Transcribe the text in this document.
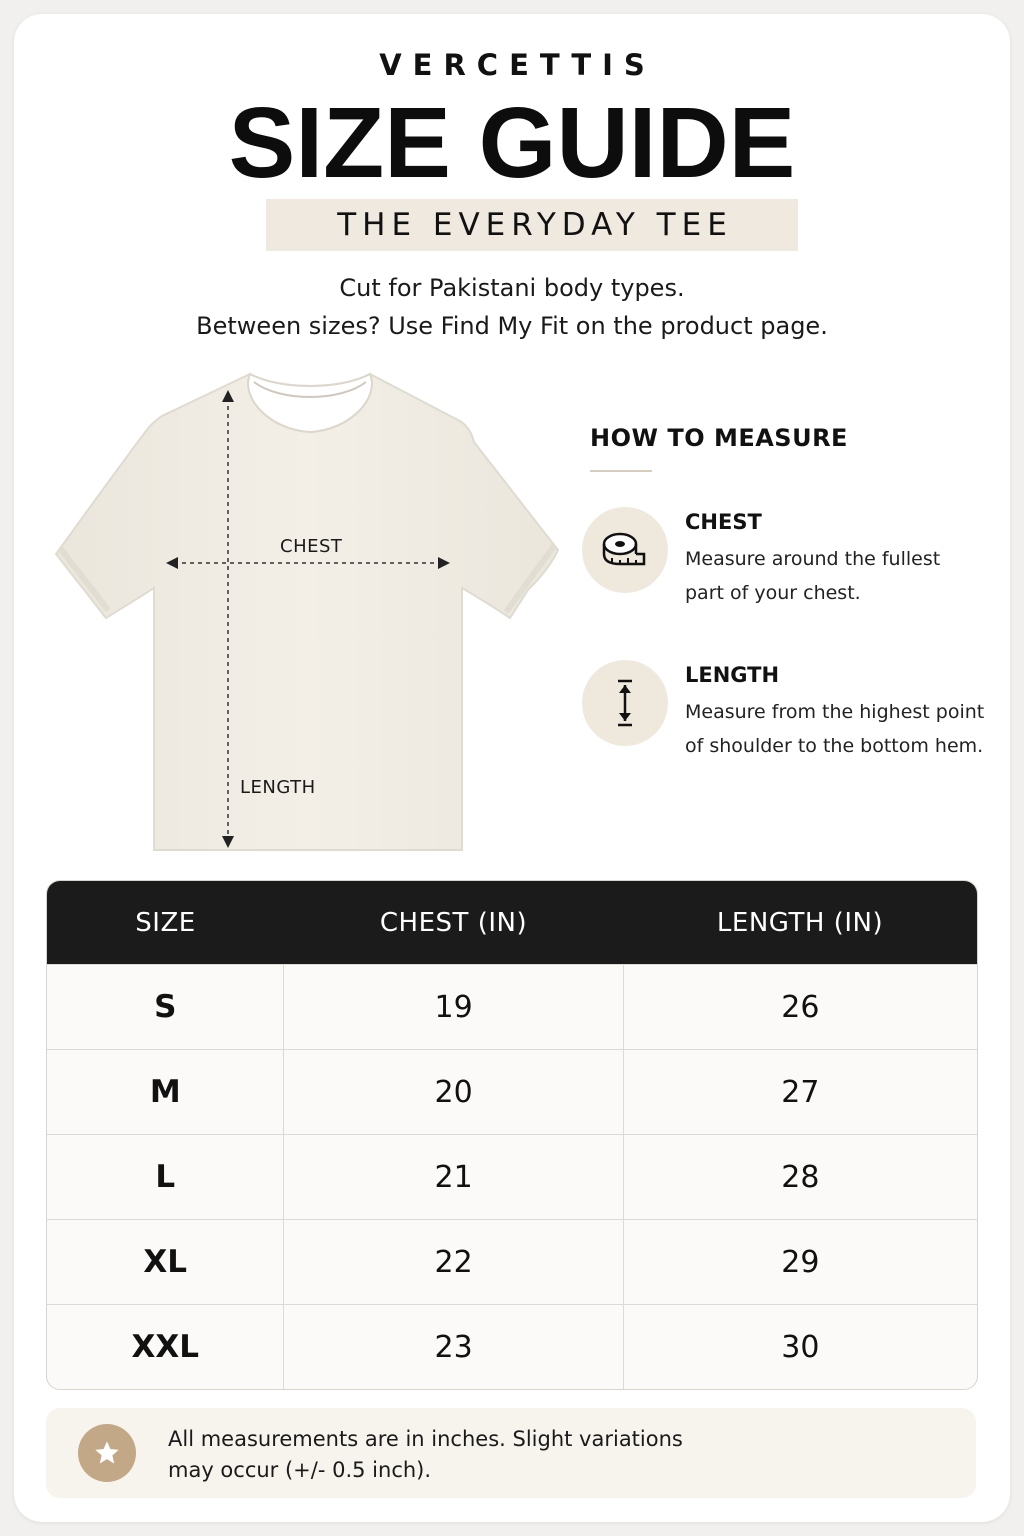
VERCETTIS
SIZE GUIDE
THE EVERYDAY TEE
Cut for Pakistani body types.
Between sizes? Use Find My Fit on the product page.
CHEST
LENGTH
HOW TO MEASURE
CHEST
Measure around the fullest part of your chest.
LENGTH
Measure from the highest point of shoulder to the bottom hem.
SIZE	CHEST (IN)	LENGTH (IN)
S	19	26
M	20	27
L	21	28
XL	22	29
XXL	23	30
All measurements are in inches. Slight variations
may occur (+/- 0.5 inch).
